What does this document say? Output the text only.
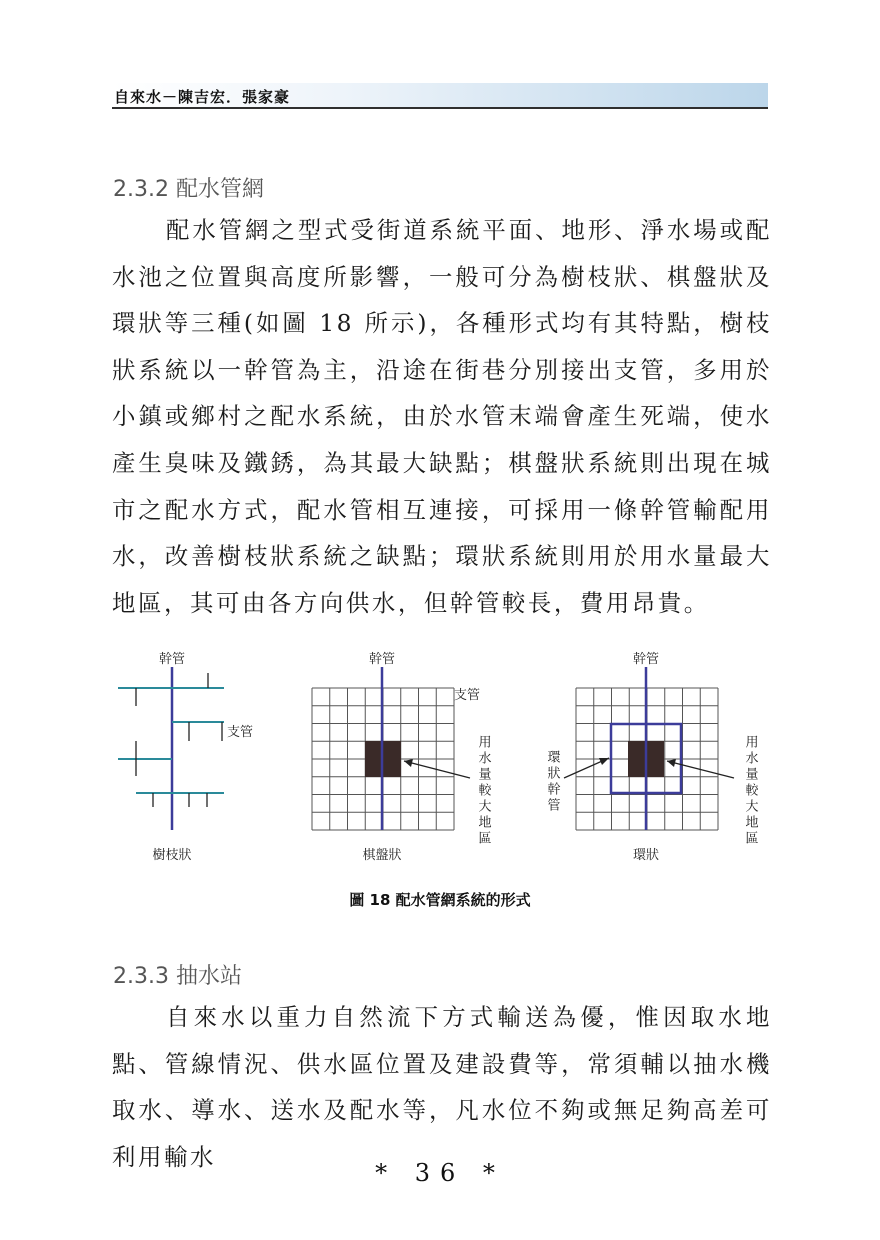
自來水－陳吉宏．張家豪
2.3.2 配水管網

配水管網之型式受街道系統平面、地形、淨水場或配水池之位置與高度所影響，一般可分為樹枝狀、棋盤狀及環狀等三種(如圖 18 所示)，各種形式均有其特點，樹枝狀系統以一幹管為主，沿途在街巷分別接出支管，多用於小鎮或鄉村之配水系統，由於水管末端會產生死端，使水產生臭味及鐵銹，為其最大缺點；棋盤狀系統則出現在城市之配水方式，配水管相互連接，可採用一條幹管輸配用水，改善樹枝狀系統之缺點；環狀系統則用於用水量最大地區，其可由各方向供水，但幹管較長，費用昂貴。

幹管
支管
樹枝狀
幹管
支管
用水量較大地區
棋盤狀
幹管
環狀幹管	用水量較大地區
環狀
圖 18 配水管網系統的形式
2.3.3 抽水站

自來水以重力自然流下方式輸送為優，惟因取水地點、管線情況、供水區位置及建設費等，常須輔以抽水機取水、導水、送水及配水等，凡水位不夠或無足夠高差可利用輸水

* 36 *
